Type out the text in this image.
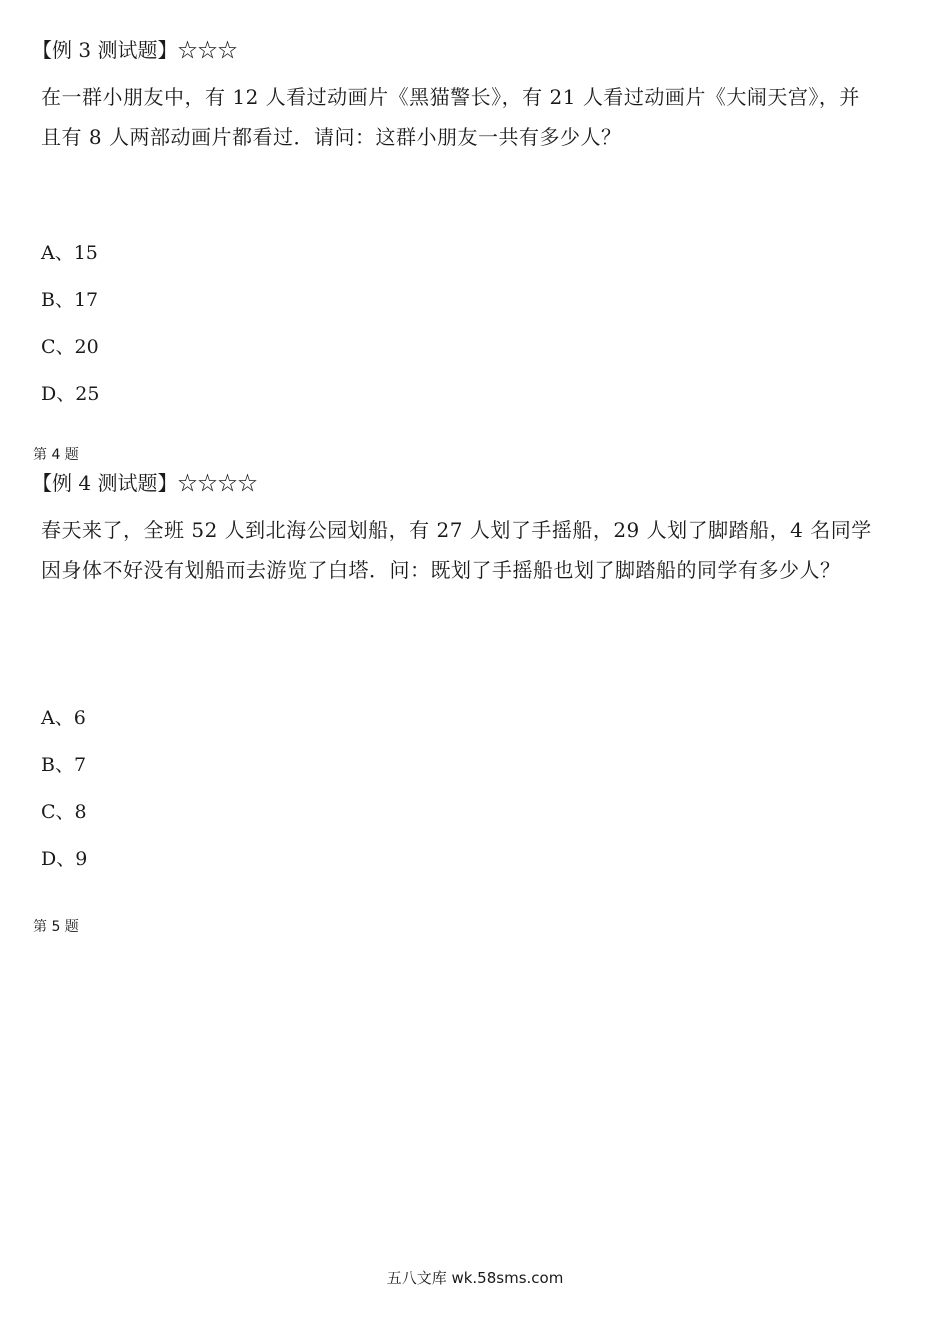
【例 3 测试题】☆☆☆

在一群小朋友中，有 12 人看过动画片《黑猫警长》，有 21 人看过动画片《大闹天宫》，并

且有 8 人两部动画片都看过．请问：这群小朋友一共有多少人？

A、15
B、17
C、20
D、25
第 4 题
【例 4 测试题】☆☆☆☆

春天来了，全班 52 人到北海公园划船，有 27 人划了手摇船，29 人划了脚踏船，4 名同学

因身体不好没有划船而去游览了白塔．问：既划了手摇船也划了脚踏船的同学有多少人？

A、6
B、7
C、8
D、9
第 5 题
五八文库 wk.58sms.com
